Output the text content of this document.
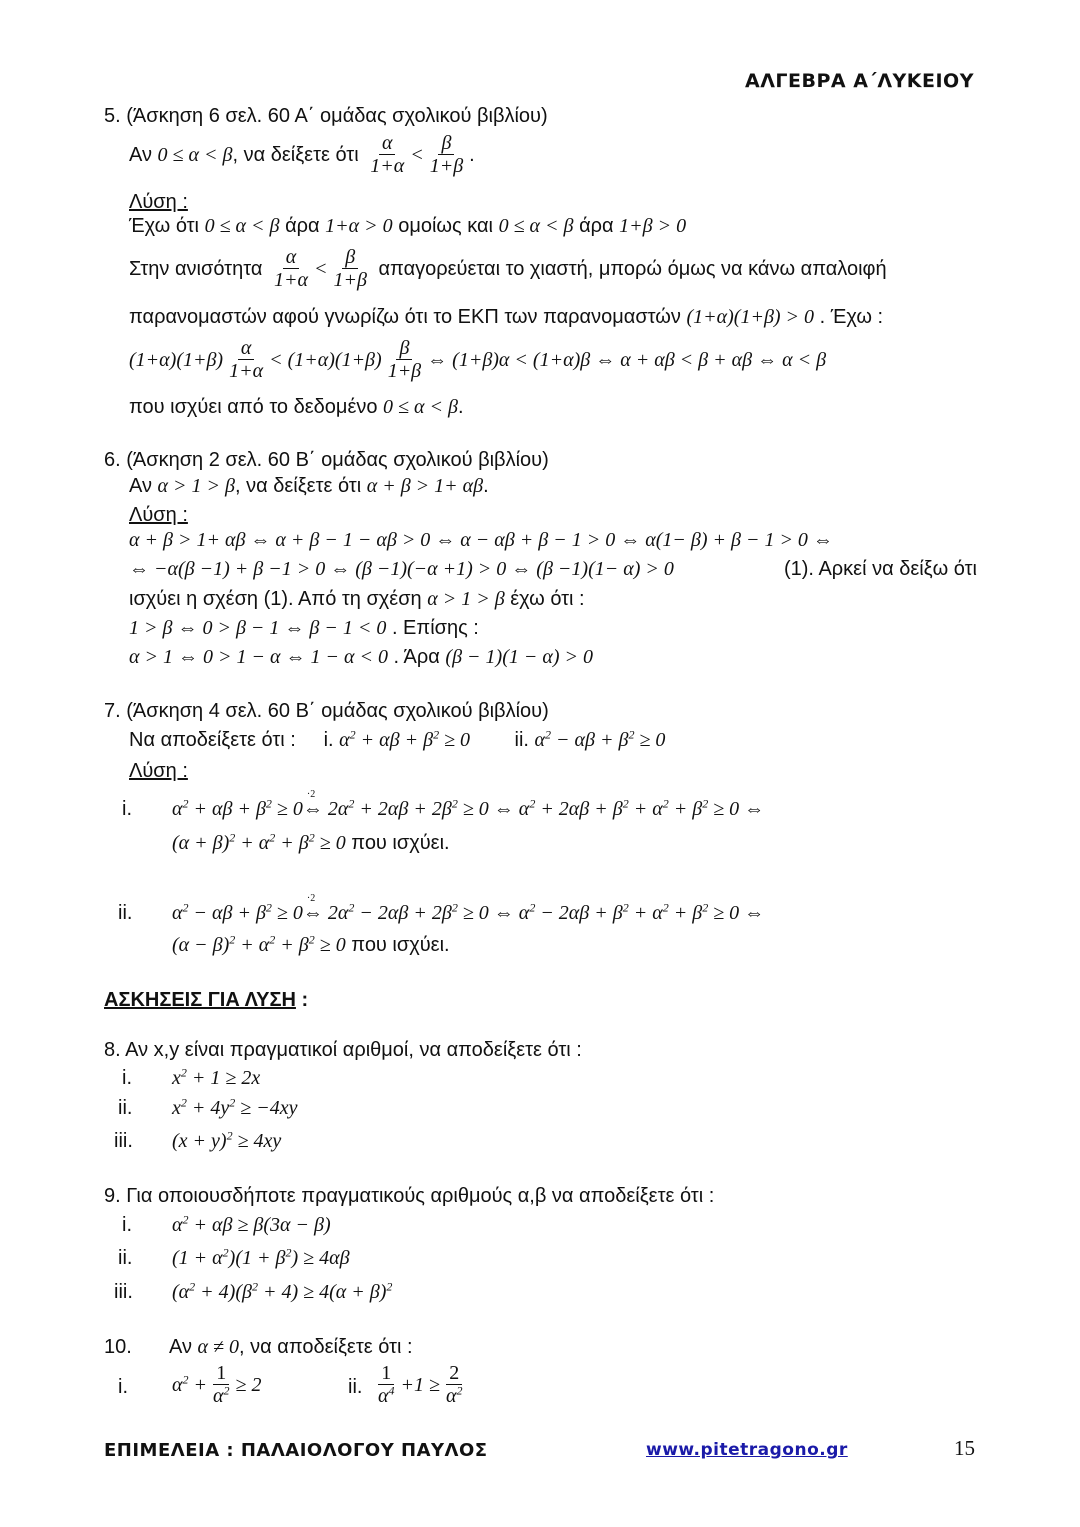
ΑΛΓΕΒΡΑ Α΄ΛΥΚΕΙΟΥ
5. (Άσκηση 6 σελ. 60 Α΄ ομάδας σχολικού βιβλίου)
Αν
0 ≤ α < β , να δείξετε ότι
$\frac{\alpha}{1+\alpha} < \frac{\beta}{1+\beta}$ .
Λύση :
Έχω ότι 0 ≤ α < β άρα 1+α > 0 ομοίως και 0 ≤ α < β άρα 1+β > 0
Στην ανισότητα
$\frac{\alpha}{1+\alpha} < \frac{\beta}{1+\beta}$
απαγορεύεται το χιαστή, μπορώ όμως να κάνω απαλοιφή
παρανομαστών αφού γνωρίζω ότι το ΕΚΠ των παρανομαστών (1+α)(1+β) > 0 . Έχω :
$(1+\alpha)(1+\beta) \frac{\alpha}{1+\alpha} < (1+\alpha)(1+\beta) \frac{\beta}{1+\beta}$ ⇔ (1+β)α < (1+α)β ⇔ α + αβ < β + αβ ⇔ α < β
που ισχύει από το δεδομένο 0 ≤ α < β.
6. (Άσκηση 2 σελ. 60 Β΄ ομάδας σχολικού βιβλίου)
Αν α > 1 > β, να δείξετε ότι α + β > 1+ αβ.
Λύση :
α + β > 1+ αβ ⇔ α + β − 1 − αβ > 0 ⇔ α − αβ + β − 1 > 0 ⇔ α(1− β) + β − 1 > 0 ⇔
⇔ −α(β −1) + β −1 > 0 ⇔ (β −1)(−α +1) > 0 ⇔ (β −1)(1− α) > 0	(1). Αρκεί να δείξω ότι
ισχύει η σχέση (1). Από τη σχέση α > 1 > β έχω ότι :
1 > β ⇔ 0 > β − 1 ⇔ β − 1 < 0 . Επίσης :
α > 1 ⇔ 0 > 1 − α ⇔ 1 − α < 0 . Άρα (β − 1)(1 − α) > 0
7. (Άσκηση 4 σελ. 60 Β΄ ομάδας σχολικού βιβλίου)
Να αποδείξετε ότι : i. $\alpha^2 + \alpha\beta + \beta^2 \ge 0$ ii. $\alpha^2 - \alpha\beta + \beta^2 \ge 0$
Λύση :
i. $\alpha^2 + \alpha\beta + \beta^2$ ≥ 0⇔
·2
$2\alpha^2 + 2\alpha\beta + 2\beta^2 \ge 0$ ⇔ $\alpha^2 + 2\alpha\beta + \beta^2 + \alpha^2 + \beta^2 \ge 0$ ⇔
$(\alpha + \beta)^2 + \alpha^2 + \beta^2 \ge 0$ που ισχύει.
ii. $\alpha^2 - \alpha\beta + \beta^2$ ≥ 0⇔
·2
$2\alpha^2 - 2\alpha\beta + 2\beta^2 \ge 0$ ⇔ $\alpha^2 - 2\alpha\beta + \beta^2 + \alpha^2 + \beta^2 \ge 0$ ⇔
$(\alpha - \beta)^2 + \alpha^2 + \beta^2 \ge 0$ που ισχύει.
ΑΣΚΗΣΕΙΣ ΓΙΑ ΛΥΣΗ :
8. Αν x,y είναι πραγματικοί αριθμοί, να αποδείξετε ότι :
i. $x^2 + 1 \ge 2x$
ii. $x^2 + 4y^2 \ge -4xy$
iii. $(x + y)^2 \ge 4xy$
9. Για οποιουσδήποτε πραγματικούς αριθμούς α,β να αποδείξετε ότι :
i. $\alpha^2 + \alpha\beta \ge \beta(3\alpha - \beta)$
ii. $(1 + \alpha^2)(1 + \beta^2) \ge 4\alpha\beta$
iii. $(\alpha^2 + 4)(\beta^2 + 4) \ge 4(\alpha + \beta)^2$
10. Αν α ≠ 0, να αποδείξετε ότι :
i. $\alpha^2 + \frac{1}{\alpha^2} \ge 2$	ii. $\frac{1}{\alpha^4} +1 \ge \frac{2}{\alpha^2}$
ΕΠΙΜΕΛΕΙΑ : ΠΑΛΑΙΟΛΟΓΟΥ ΠΑΥΛΟΣ	www.pitetragono.gr	15
